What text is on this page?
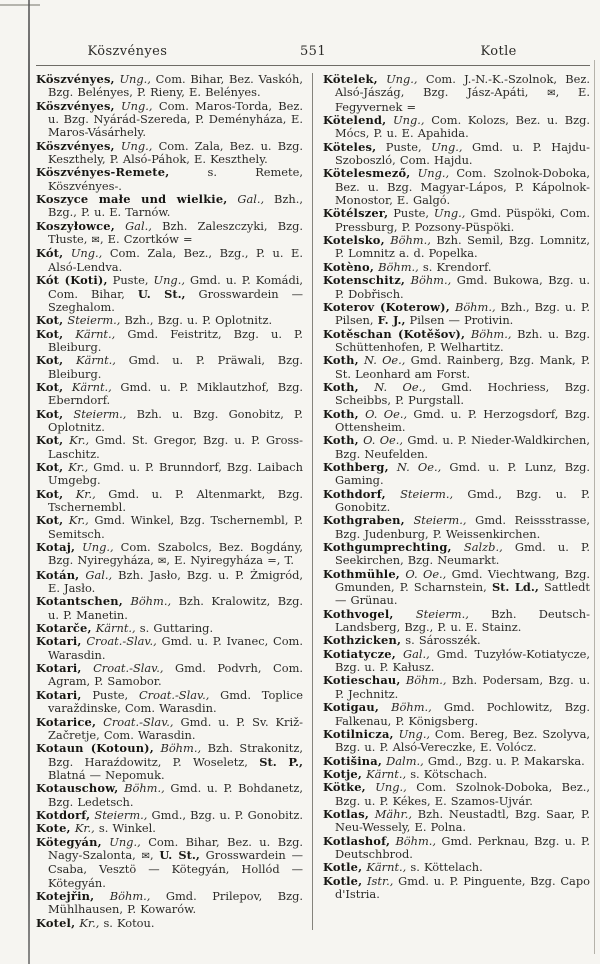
Köszvényes	551	Kotle

Köszvényes, Ung., Com. Bihar, Bez. Vaskóh, Bzg. Belényes, P. Rieny, E. Belényes.

Köszvényes, Ung., Com. Maros-Torda, Bez. u. Bzg. Nyárád-Szereda, P. Deményháza, E. Maros-Vásárhely.

Köszvényes, Ung., Com. Zala, Bez. u. Bzg. Keszthely, P. Alsó-Páhok, E. Keszthely.

Köszvényes-Remete, s. Remete, Köszvényes-.

Koszyce małe und wielkie, Gal., Bzh., Bzg., P. u. E. Tarnów.

Koszyłowce, Gal., Bzh. Zaleszczyki, Bzg. Tłuste, ✉, E. Czortków =

Kót, Ung., Com. Zala, Bez., Bzg., P. u. E. Alsó-Lendva.

Kót (Koti), Puste, Ung., Gmd. u. P. Komádi, Com. Bihar, U. St., Grosswardein — Szeghalom.

Kot, Steierm., Bzh., Bzg. u. P. Oplotnitz.

Kot, Kärnt., Gmd. Feistritz, Bzg. u. P. Bleiburg.

Kot, Kärnt., Gmd. u. P. Präwali, Bzg. Bleiburg.

Kot, Kärnt., Gmd. u. P. Miklautzhof, Bzg. Eberndorf.

Kot, Steierm., Bzh. u. Bzg. Gonobitz, P. Oplotnitz.

Kot, Kr., Gmd. St. Gregor, Bzg. u. P. Gross-Laschitz.

Kot, Kr., Gmd. u. P. Brunndorf, Bzg. Laibach Umgebg.

Kot, Kr., Gmd. u. P. Altenmarkt, Bzg. Tschernembl.

Kot, Kr., Gmd. Winkel, Bzg. Tschernembl, P. Semitsch.

Kotaj, Ung., Com. Szabolcs, Bez. Bogdány, Bzg. Nyiregyháza, ✉, E. Nyiregyháza =, T.

Kotán, Gal., Bzh. Jasło, Bzg. u. P. Żmigród, E. Jasło.

Kotantschen, Böhm., Bzh. Kralowitz, Bzg. u. P. Manetin.

Kotarče, Kärnt., s. Guttaring.

Kotari, Croat.-Slav., Gmd. u. P. Ivanec, Com. Warasdin.

Kotari, Croat.-Slav., Gmd. Podvrh, Com. Agram, P. Samobor.

Kotari, Puste, Croat.-Slav., Gmd. Toplice varaždinske, Com. Warasdin.

Kotarice, Croat.-Slav., Gmd. u. P. Sv. Križ-Začretje, Com. Warasdin.

Kotaun (Kotoun), Böhm., Bzh. Strakonitz, Bzg. Haraźdowitz, P. Woseletz, St. P., Blatná — Nepomuk.

Kotauschow, Böhm., Gmd. u. P. Bohdanetz, Bzg. Ledetsch.

Kotdorf, Steierm., Gmd., Bzg. u. P. Gonobitz.

Kote, Kr., s. Winkel.

Kötegyán, Ung., Com. Bihar, Bez. u. Bzg. Nagy-Szalonta, ✉, U. St., Grosswardein — Csaba, Vesztö — Kötegyán, Hollód — Kötegyán.

Kotejřin, Böhm., Gmd. Prilepov, Bzg. Mühlhausen, P. Kowarów.

Kotel, Kr., s. Kotou.

Kötelek, Ung., Com. J.-N.-K.-Szolnok, Bez. Alsó-Jászág, Bzg. Jász-Apáti, ✉, E. Fegyvernek =

Kötelend, Ung., Com. Kolozs, Bez. u. Bzg. Mócs, P. u. E. Apahida.

Köteles, Puste, Ung., Gmd. u. P. Hajdu-Szoboszló, Com. Hajdu.

Kötelesmező, Ung., Com. Szolnok-Doboka, Bez. u. Bzg. Magyar-Lápos, P. Kápolnok-Monostor, E. Galgó.

Kötélszer, Puste, Ung., Gmd. Püspöki, Com. Pressburg, P. Pozsony-Püspöki.

Kotelsko, Böhm., Bzh. Semil, Bzg. Lomnitz, P. Lomnitz a. d. Popelka.

Kotèno, Böhm., s. Krendorf.

Kotenschitz, Böhm., Gmd. Bukowa, Bzg. u. P. Dobřisch.

Koterov (Koterow), Böhm., Bzh., Bzg. u. P. Pilsen, F. J., Pilsen — Protivin.

Kotěschan (Kotěšov), Böhm., Bzh. u. Bzg. Schüttenhofen, P. Welhartitz.

Koth, N. Oe., Gmd. Rainberg, Bzg. Mank, P. St. Leonhard am Forst.

Koth, N. Oe., Gmd. Hochriess, Bzg. Scheibbs, P. Purgstall.

Koth, O. Oe., Gmd. u. P. Herzogsdorf, Bzg. Ottensheim.

Koth, O. Oe., Gmd. u. P. Nieder-Waldkirchen, Bzg. Neufelden.

Kothberg, N. Oe., Gmd. u. P. Lunz, Bzg. Gaming.

Kothdorf, Steierm., Gmd., Bzg. u. P. Gonobitz.

Kothgraben, Steierm., Gmd. Reissstrasse, Bzg. Judenburg, P. Weissenkirchen.

Kothgumprechting, Salzb., Gmd. u. P. Seekirchen, Bzg. Neumarkt.

Kothmühle, O. Oe., Gmd. Viechtwang, Bzg. Gmunden, P. Scharnstein, St. Ld., Sattledt — Grünau.

Kothvogel, Steierm., Bzh. Deutsch-Landsberg, Bzg., P. u. E. Stainz.

Kothzicken, s. Sárosszék.

Kotiatycze, Gal., Gmd. Tuzyłów-Kotiatycze, Bzg. u. P. Kałusz.

Kotieschau, Böhm., Bzh. Podersam, Bzg. u. P. Jechnitz.

Kotigau, Böhm., Gmd. Pochlowitz, Bzg. Falkenau, P. Königsberg.

Kotilnicza, Ung., Com. Bereg, Bez. Szolyva, Bzg. u. P. Alsó-Vereczke, E. Volócz.

Kotišina, Dalm., Gmd., Bzg. u. P. Makarska.

Kotje, Kärnt., s. Kötschach.

Kötke, Ung., Com. Szolnok-Doboka, Bez., Bzg. u. P. Kékes, E. Szamos-Ujvár.

Kotlas, Mähr., Bzh. Neustadtl, Bzg. Saar, P. Neu-Wessely, E. Polna.

Kotlashof, Böhm., Gmd. Perknau, Bzg. u. P. Deutschbrod.

Kotle, Kärnt., s. Köttelach.

Kotle, Istr., Gmd. u. P. Pinguente, Bzg. Capo d'Istria.
